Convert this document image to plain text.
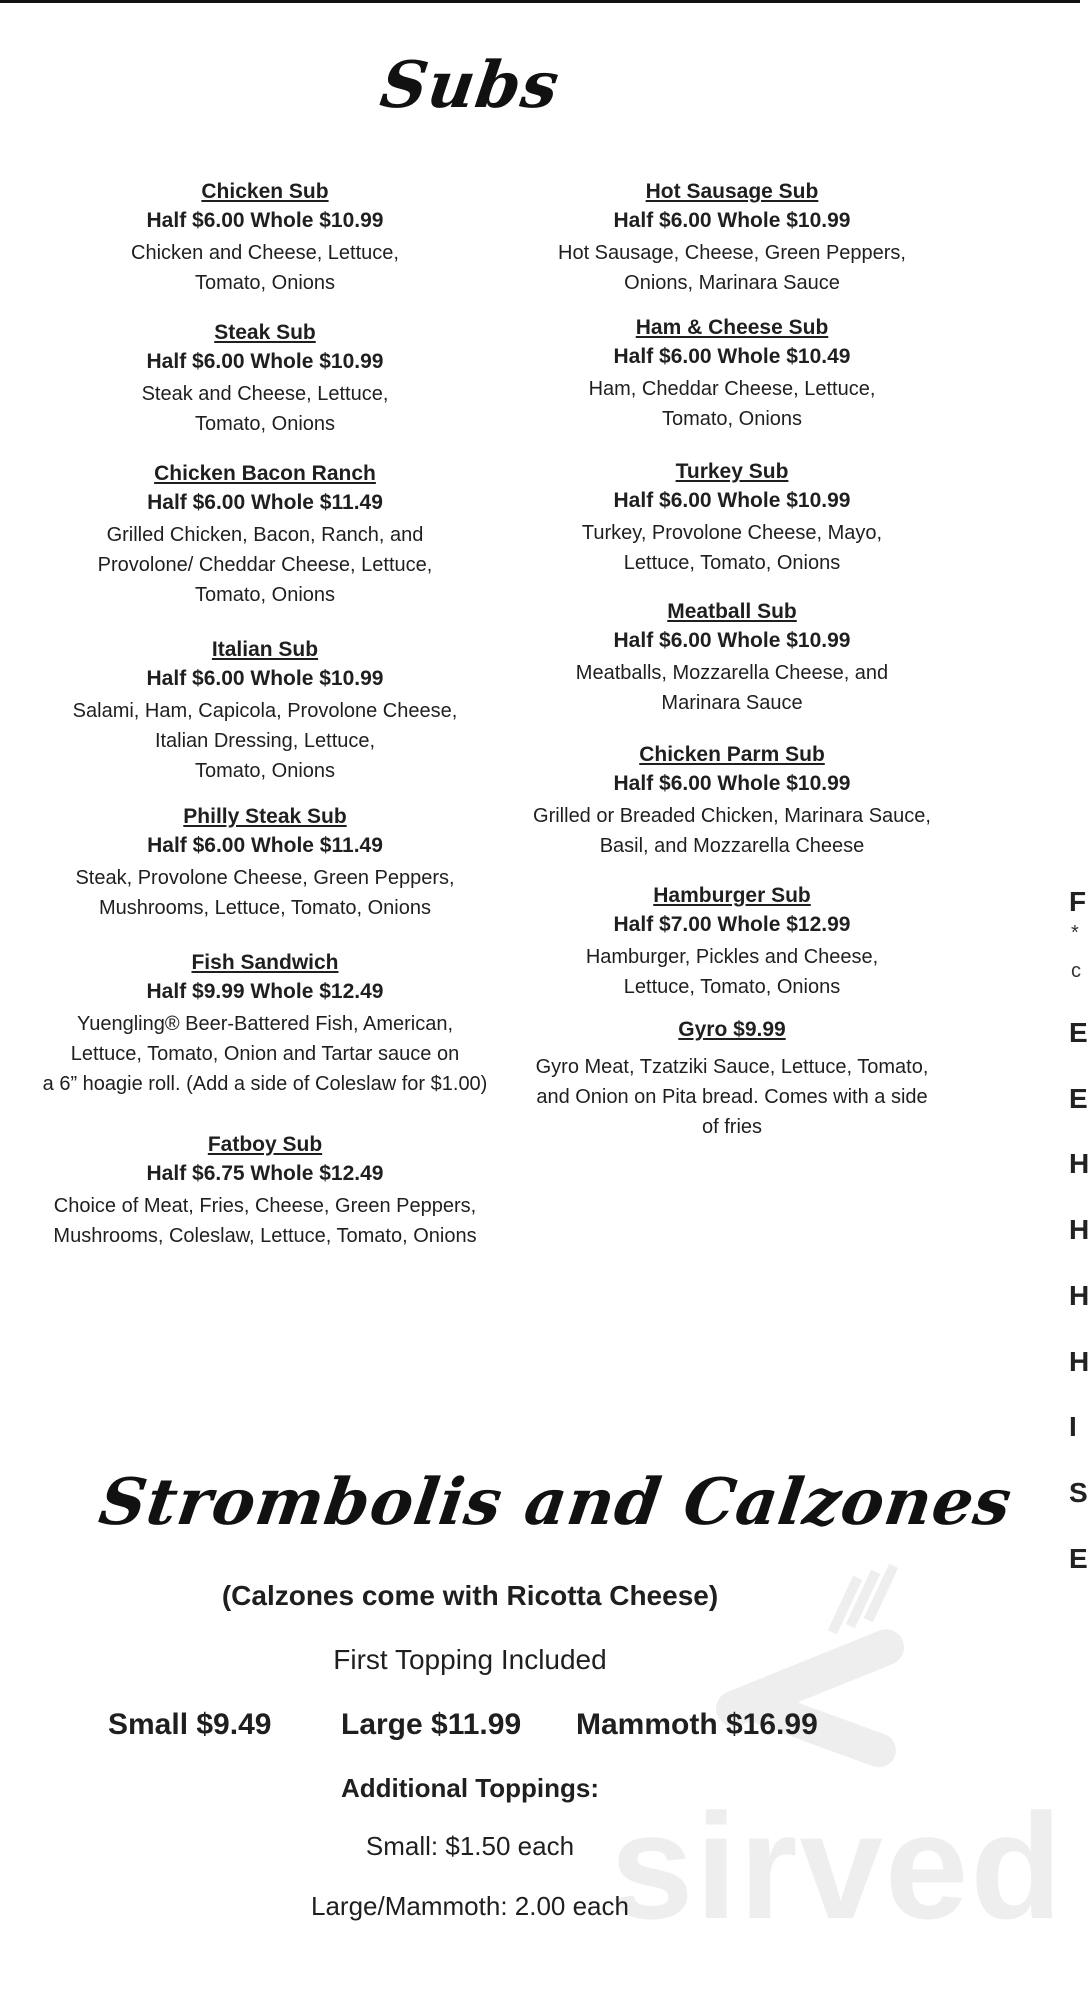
Subs
Chicken Sub
Half $6.00 Whole $10.99
Chicken and Cheese, Lettuce,
Tomato, Onions
Steak Sub
Half $6.00 Whole $10.99
Steak and Cheese, Lettuce,
Tomato, Onions
Chicken Bacon Ranch
Half $6.00 Whole $11.49
Grilled Chicken, Bacon, Ranch, and
Provolone/ Cheddar Cheese, Lettuce,
Tomato, Onions
Italian Sub
Half $6.00 Whole $10.99
Salami, Ham, Capicola, Provolone Cheese,
Italian Dressing, Lettuce,
Tomato, Onions
Philly Steak Sub
Half $6.00 Whole $11.49
Steak, Provolone Cheese, Green Peppers,
Mushrooms, Lettuce, Tomato, Onions
Fish Sandwich
Half $9.99 Whole $12.49
Yuengling® Beer-Battered Fish, American,
Lettuce, Tomato, Onion and Tartar sauce on
a 6” hoagie roll. (Add a side of Coleslaw for $1.00)
Fatboy Sub
Half $6.75 Whole $12.49
Choice of Meat, Fries, Cheese, Green Peppers,
Mushrooms, Coleslaw, Lettuce, Tomato, Onions
Hot Sausage Sub
Half $6.00 Whole $10.99
Hot Sausage, Cheese, Green Peppers,
Onions, Marinara Sauce
Ham & Cheese Sub
Half $6.00 Whole $10.49
Ham, Cheddar Cheese, Lettuce,
Tomato, Onions
Turkey Sub
Half $6.00 Whole $10.99
Turkey, Provolone Cheese, Mayo,
Lettuce, Tomato, Onions
Meatball Sub
Half $6.00 Whole $10.99
Meatballs, Mozzarella Cheese, and
Marinara Sauce
Chicken Parm Sub
Half $6.00 Whole $10.99
Grilled or Breaded Chicken, Marinara Sauce,
Basil, and Mozzarella Cheese
Hamburger Sub
Half $7.00 Whole $12.99
Hamburger, Pickles and Cheese,
Lettuce, Tomato, Onions
Gyro $9.99
Gyro Meat, Tzatziki Sauce, Lettuce, Tomato,
and Onion on Pita bread. Comes with a side
of fries
sirved
Strombolis and Calzones
(Calzones come with Ricotta Cheese)
First Topping Included
Small $9.49 Large $11.99 Mammoth $16.99
Additional Toppings:
Small: $1.50 each
Large/Mammoth: 2.00 each
F
*
c
E
E
H
H
H
H
I
S
E
